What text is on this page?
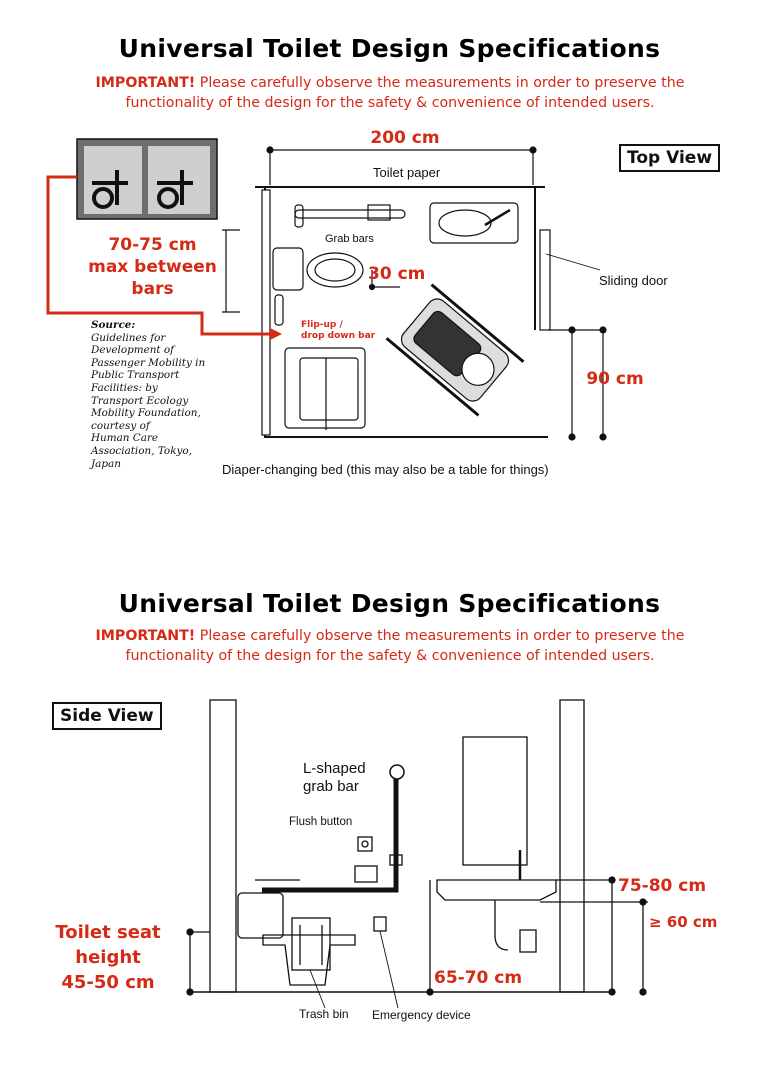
Universal Toilet Design Specifications
IMPORTANT! Please carefully observe the measurements in order to preserve the
functionality of the design for the safety & convenience of intended users.
Top View
200 cm
Toilet paper
Grab bars
30 cm	Sliding door
90 cm
70-75 cm
max between
bars
Flip-up /
drop down bar
Diaper-changing bed (this may also be a table for things)
Source:
Guidelines for
Development of
Passenger Mobility in
Public Transport
Facilities: by
Transport Ecology
Mobility Foundation,
courtesy of
Human Care
Association, Tokyo,
Japan
Universal Toilet Design Specifications
IMPORTANT! Please carefully observe the measurements in order to preserve the
functionality of the design for the safety & convenience of intended users.
Side View
L-shaped
grab bar
Flush button
Toilet seat
height
45-50 cm
75-80 cm
≥ 60 cm
65-70 cm
Trash bin Emergency device
